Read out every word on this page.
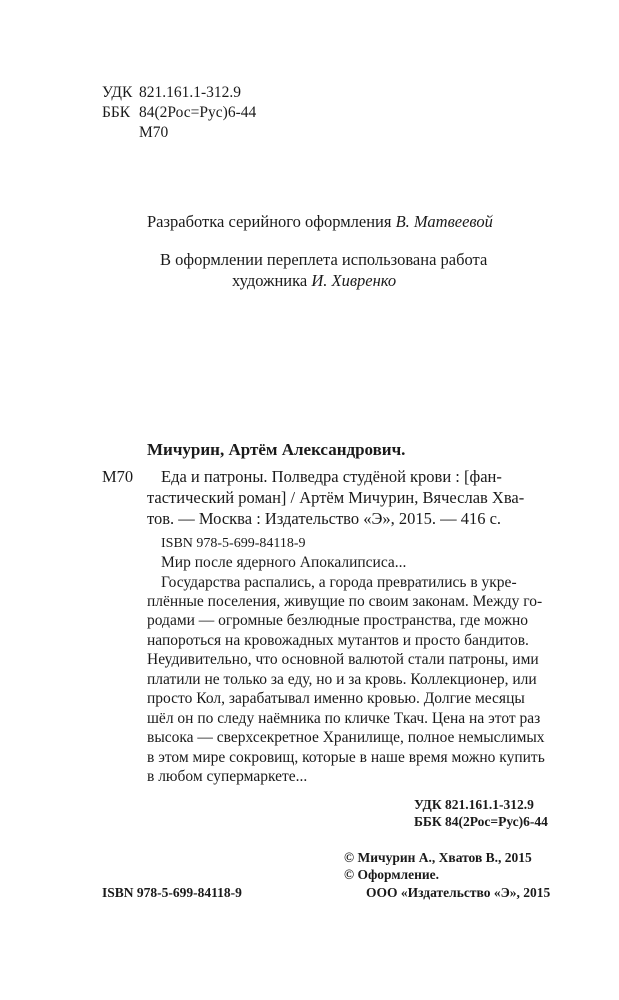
УДК 821.161.1-312.9
ББК 84(2Рос=Рус)6-44
М70
Разработка серийного оформления В. Матвеевой
В оформлении переплета использована работа
художника И. Хивренко
Мичурин, Артём Александрович.
М70 Еда и патроны. Полведра студёной крови : [фан-
тастический роман] / Артём Мичурин, Вячеслав Хва-
тов. — Москва : Издательство «Э», 2015. — 416 с.
ISBN 978-5-699-84118-9
Мир после ядерного Апокалипсиса...
Государства распались, а города превратились в укре-
плённые поселения, живущие по своим законам. Между го-
родами — огромные безлюдные пространства, где можно
напороться на кровожадных мутантов и просто бандитов.
Неудивительно, что основной валютой стали патроны, ими
платили не только за еду, но и за кровь. Коллекционер, или
просто Кол, зарабатывал именно кровью. Долгие месяцы
шёл он по следу наёмника по кличке Ткач. Цена на этот раз
высока — сверхсекретное Хранилище, полное немыслимых
в этом мире сокровищ, которые в наше время можно купить
в любом супермаркете...
УДК 821.161.1-312.9
ББК 84(2Рос=Рус)6-44
ISBN 978-5-699-84118-9
© Мичурин А., Хватов В., 2015
© Оформление.
ООО «Издательство «Э», 2015
